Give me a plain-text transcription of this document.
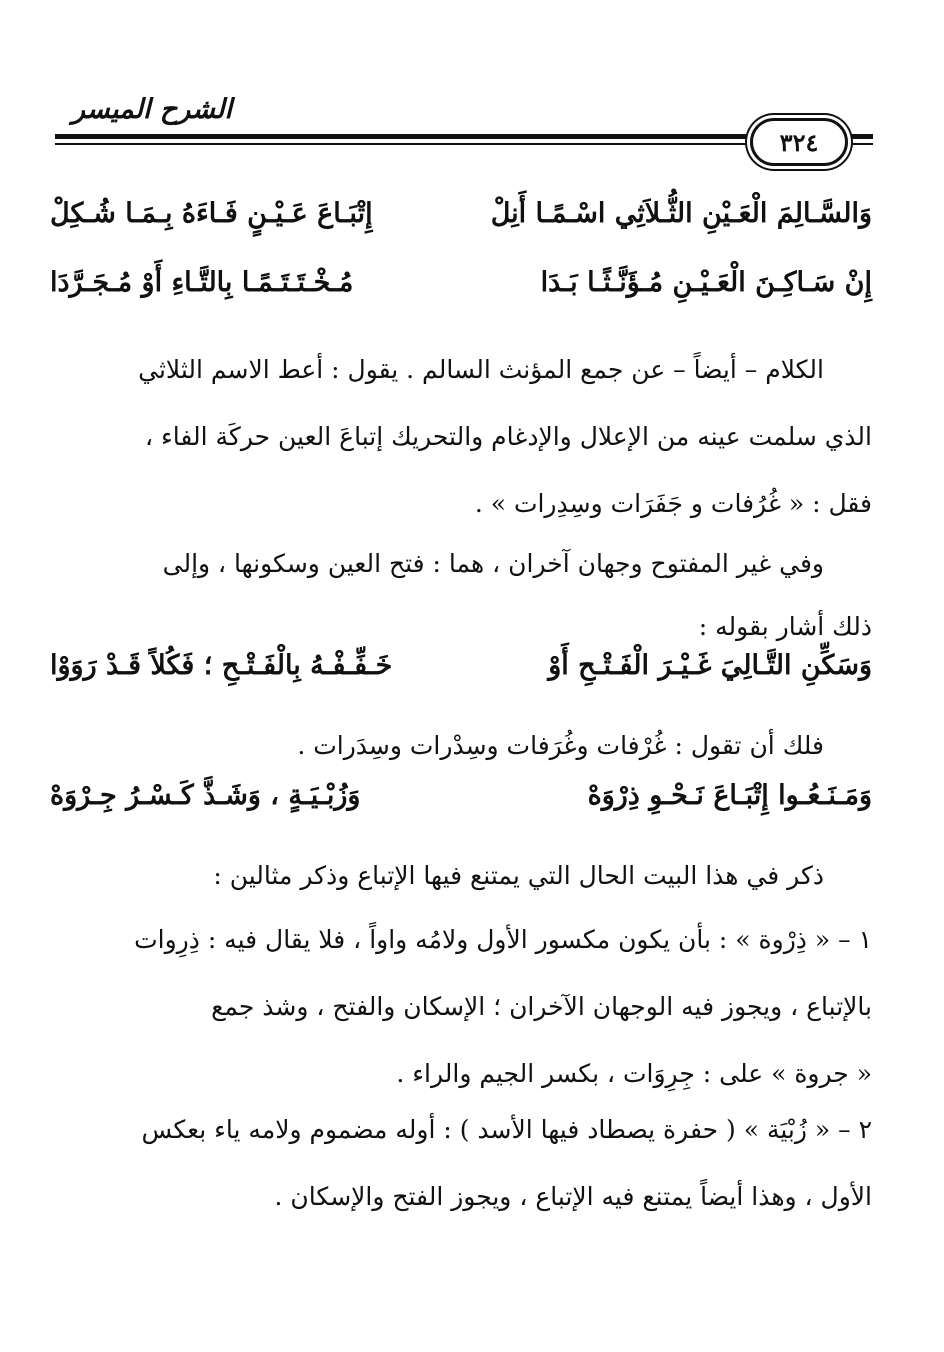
الشرح الميسر
٣٢٤
وَالسَّـالِمَ الْعَـيْنِ الثُّـلاَثِي اسْـمًـا أَنِلْ
إِتْبَـاعَ عَـيْـنٍ فَـاءَهُ بِـمَـا شُـكِلْ
إِنْ سَـاكِـنَ الْعَـيْـنِ مُـؤَنَّـثًـا بَـدَا
مُـخْـتَـتَـمًـا بِالتَّـاءِ أَوْ مُـجَـرَّدَا
الكلام – أيضاً – عن جمع المؤنث السالم . يقول : أعط الاسم الثلاثي
الذي سلمت عينه من الإعلال والإدغام والتحريك إتباعَ العين حركَة الفاء ،
فقل : « غُرُفات و جَفَرَات وسِدِرات » .
وفي غير المفتوح وجهان آخران ، هما : فتح العين وسكونها ، وإلى
ذلك أشار بقوله :
وَسَكِّنِ التَّـالِيَ غَـيْـرَ الْفَـتْـحِ أَوْ
خَـفِّـفْـهُ بِالْفَـتْـحِ ؛ فَكُلاً قَـدْ رَوَوْا
فلك أن تقول : غُرْفات وغُرَفات وسِدْرات وسِدَرات .
وَمَـنَـعُـوا إِتْبَـاعَ نَـحْـوِ ذِرْوَهْ
وَزُبْـيَـةٍ ، وَشَـذَّ كَـسْـرُ جِـرْوَهْ
ذكر في هذا البيت الحال التي يمتنع فيها الإتباع وذكر مثالين :
١ – « ذِرْوة » : بأن يكون مكسور الأول ولامُه واواً ، فلا يقال فيه : ذِرِوات
بالإتباع ، ويجوز فيه الوجهان الآخران ؛ الإسكان والفتح ، وشذ جمع
« جروة » على : جِرِوَات ، بكسر الجيم والراء .
٢ – « زُبْيَة » ( حفرة يصطاد فيها الأسد ) : أوله مضموم ولامه ياء بعكس
الأول ، وهذا أيضاً يمتنع فيه الإتباع ، ويجوز الفتح والإسكان .
